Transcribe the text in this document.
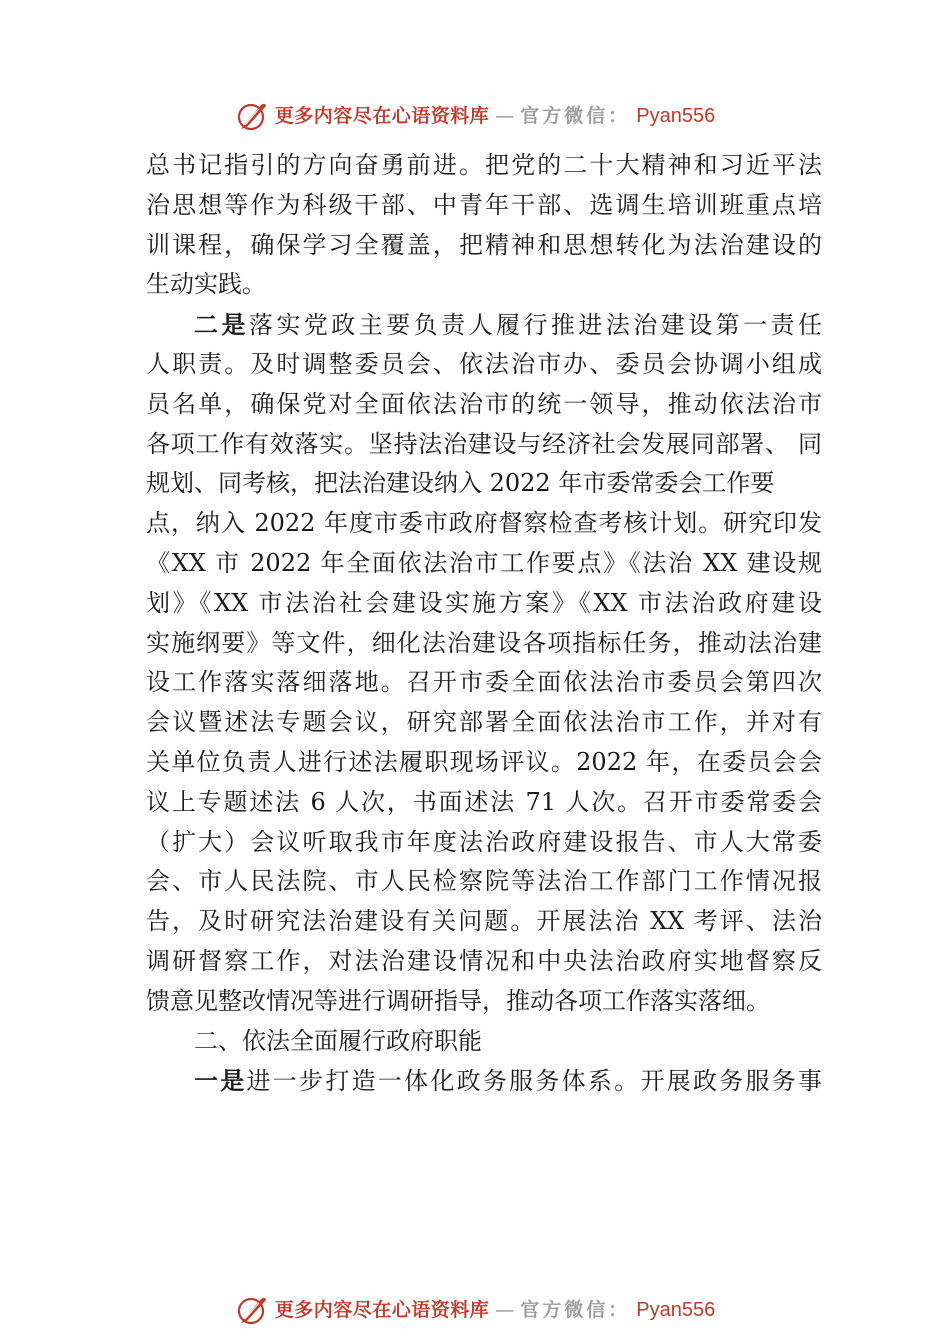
更多内容尽在心语资料库 — 官方微信： Pyan556
总书记指引的方向奋勇前进。把党的二十大精神和习近平法
治思想等作为科级干部、中青年干部、选调生培训班重点培
训课程，确保学习全覆盖，把精神和思想转化为法治建设的
生动实践。
二是落实党政主要负责人履行推进法治建设第一责任
人职责。及时调整委员会、依法治市办、委员会协调小组成
员名单，确保党对全面依法治市的统一领导，推动依法治市
各项工作有效落实。坚持法治建设与经济社会发展同部署、 同
规划、同考核，把法治建设纳入 2022 年市委常委会工作要
点，纳入 2022 年度市委市政府督察检查考核计划。研究印发
《XX 市 2022 年全面依法治市工作要点》《法治 XX 建设规
划》《XX 市法治社会建设实施方案》《XX 市法治政府建设
实施纲要》等文件，细化法治建设各项指标任务，推动法治建
设工作落实落细落地。召开市委全面依法治市委员会第四次
会议暨述法专题会议，研究部署全面依法治市工作，并对有
关单位负责人进行述法履职现场评议。2022 年，在委员会会
议上专题述法 6 人次，书面述法 71 人次。召开市委常委会
（扩大）会议听取我市年度法治政府建设报告、市人大常委
会、市人民法院、市人民检察院等法治工作部门工作情况报
告，及时研究法治建设有关问题。开展法治 XX 考评、法治
调研督察工作，对法治建设情况和中央法治政府实地督察反
馈意见整改情况等进行调研指导，推动各项工作落实落细。
二、依法全面履行政府职能
一是进一步打造一体化政务服务体系。开展政务服务事
更多内容尽在心语资料库 — 官方微信： Pyan556
